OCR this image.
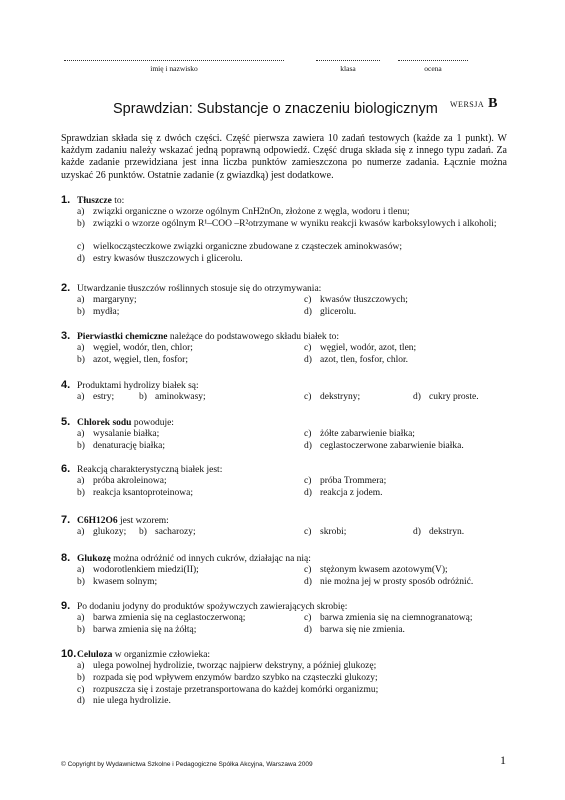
imię i nazwisko	klasa	ocena
WERSJA B
Sprawdzian: Substancje o znaczeniu biologicznym
Sprawdzian składa się z dwóch części. Część pierwsza zawiera 10 zadań testowych (każde za 1 punkt). W każdym zadaniu należy wskazać jedną poprawną odpowiedź. Część druga składa się z innego typu zadań. Za każde zadanie przewidziana jest inna liczba punktów zamieszczona po numerze zadania. Łącznie można uzyskać 26 punktów. Ostatnie zadanie (z gwiazdką) jest dodatkowe.
1. Tłuszcze to:
a) związki organiczne o wzorze ogólnym CnH2nOn, złożone z węgla, wodoru i tlenu;
b) związki o wzorze ogólnym R¹–COO –R²otrzymane w wyniku reakcji kwasów karboksylowych i alkoholi;
c) wielkocząsteczkowe związki organiczne zbudowane z cząsteczek aminokwasów;
d) estry kwasów tłuszczowych i glicerolu.
2. Utwardzanie tłuszczów roślinnych stosuje się do otrzymywania:
a) margaryny;	c) kwasów tłuszczowych;
b) mydła;	d) glicerolu.
3. Pierwiastki chemiczne należące do podstawowego składu białek to:
a) węgiel, wodór, tlen, chlor;	c) węgiel, wodór, azot, tlen;
b) azot, węgiel, tlen, fosfor;	d) azot, tlen, fosfor, chlor.
4. Produktami hydrolizy białek są:
a) estry;	b) aminokwasy;	c) dekstryny;	d) cukry proste.
5. Chlorek sodu powoduje:
a) wysalanie białka;	c) żółte zabarwienie białka;
b) denaturację białka;	d) ceglastoczerwone zabarwienie białka.
6. Reakcją charakterystyczną białek jest:
a) próba akroleinowa;	c) próba Trommera;
b) reakcja ksantoproteinowa;	d) reakcja z jodem.
7. C6H12O6 jest wzorem:
a) glukozy; b) sacharozy;	c) skrobi;	d) dekstryn.
8. Glukozę można odróżnić od innych cukrów, działając na nią:
a) wodorotlenkiem miedzi(II);	c) stężonym kwasem azotowym(V);
b) kwasem solnym;	d) nie można jej w prosty sposób odróżnić.
9. Po dodaniu jodyny do produktów spożywczych zawierających skrobię:
a) barwa zmienia się na ceglastoczerwoną;	c) barwa zmienia się na ciemnogranatową;
b) barwa zmienia się na żółtą;	d) barwa się nie zmienia.
10. Celuloza w organizmie człowieka:
a) ulega powolnej hydrolizie, tworząc najpierw dekstryny, a później glukozę;
b) rozpada się pod wpływem enzymów bardzo szybko na cząsteczki glukozy;
c) rozpuszcza się i zostaje przetransportowana do każdej komórki organizmu;
d) nie ulega hydrolizie.
© Copyright by Wydawnictwa Szkolne i Pedagogiczne Spółka Akcyjna, Warszawa 2009	1
